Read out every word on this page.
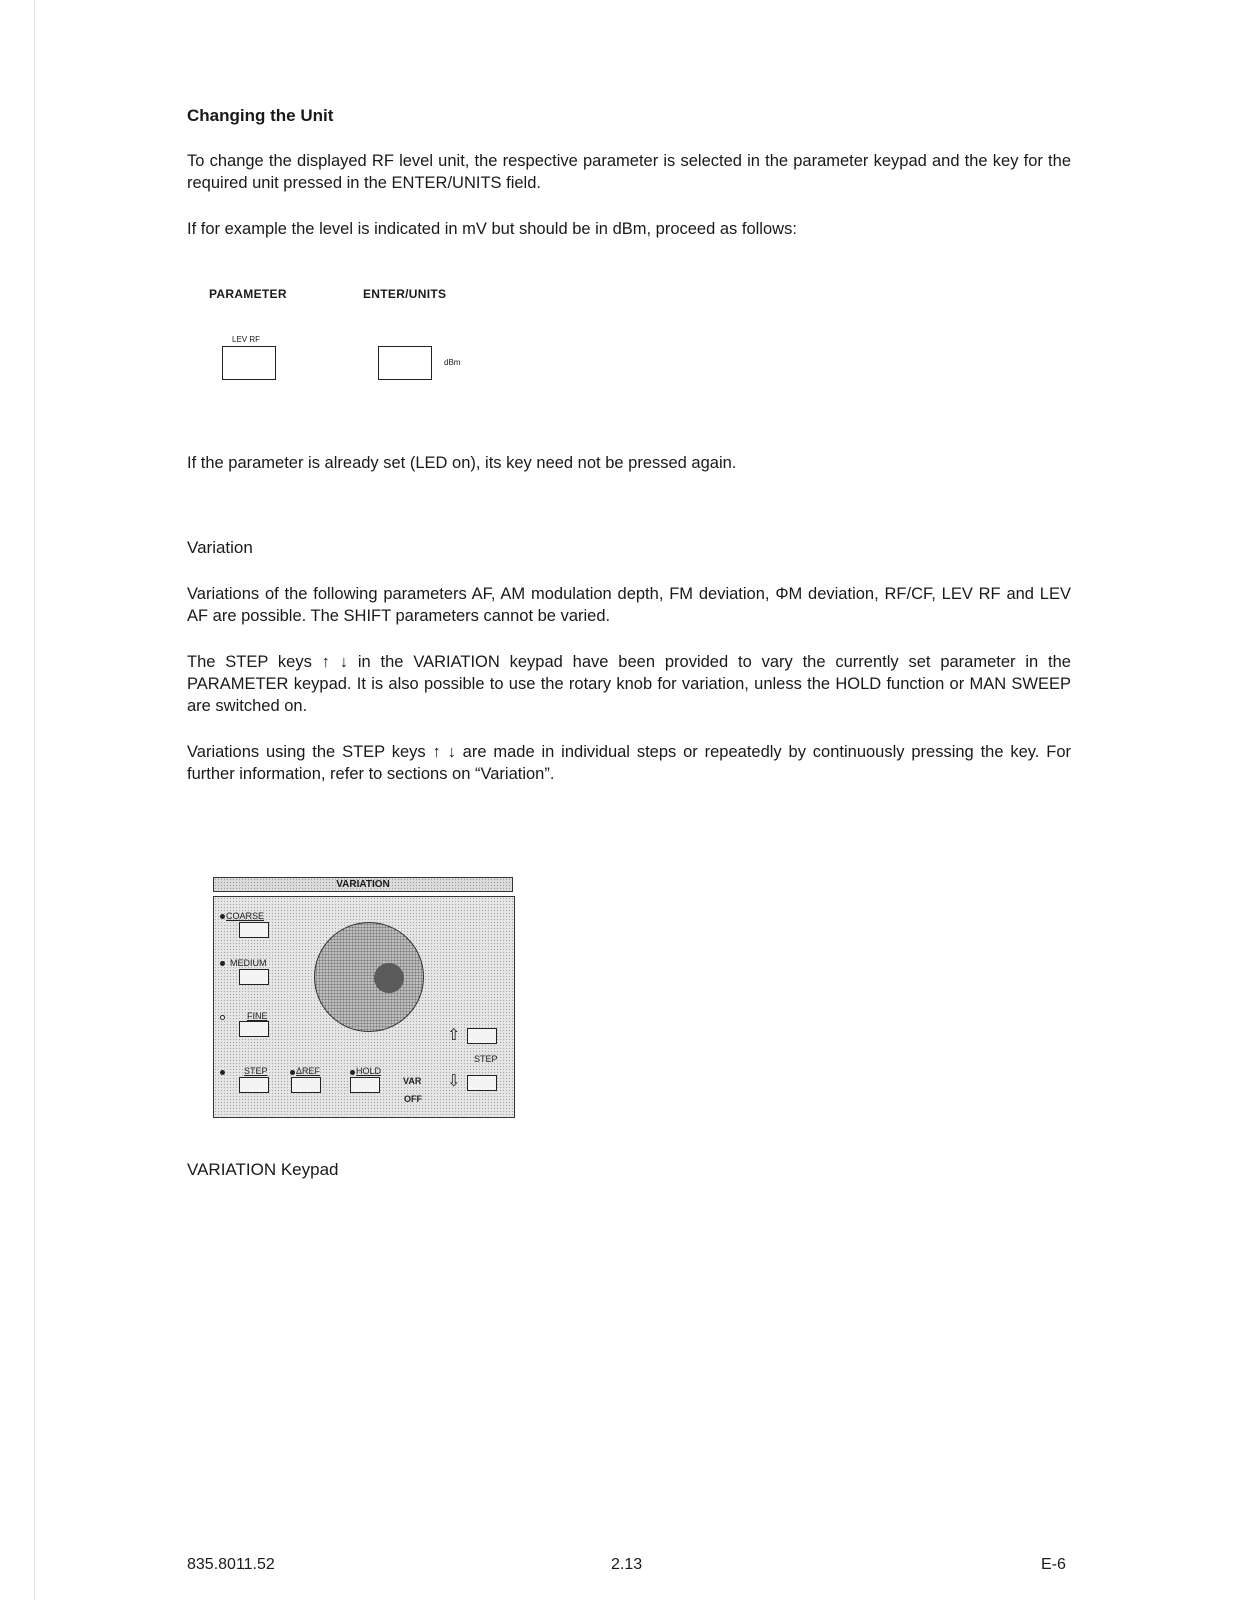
Changing the Unit
To change the displayed RF level unit, the respective parameter is selected in the parameter keypad and the key for the required unit pressed in the ENTER/UNITS field.
If for example the level is indicated in mV but should be in dBm, proceed as follows:
PARAMETER	ENTER/UNITS
LEV RF
dBm
If the parameter is already set (LED on), its key need not be pressed again.
Variation
Variations of the following parameters AF, AM modulation depth, FM deviation, ΦM deviation, RF/CF, LEV RF and LEV AF are possible. The SHIFT parameters cannot be varied.
The STEP keys ↑ ↓ in the VARIATION keypad have been provided to vary the currently set parameter in the PARAMETER keypad. It is also possible to use the rotary knob for variation, unless the HOLD function or MAN SWEEP are switched on.
Variations using the STEP keys ↑ ↓ are made in individual steps or repeatedly by continuously pressing the key. For further information, refer to sections on “Variation”.
VARIATION
COARSE
MEDIUM
FINE
STEP	ΔREF	HOLD
VAR
OFF
⇧
STEP
⇩
VARIATION Keypad
835.8011.52	2.13	E-6
